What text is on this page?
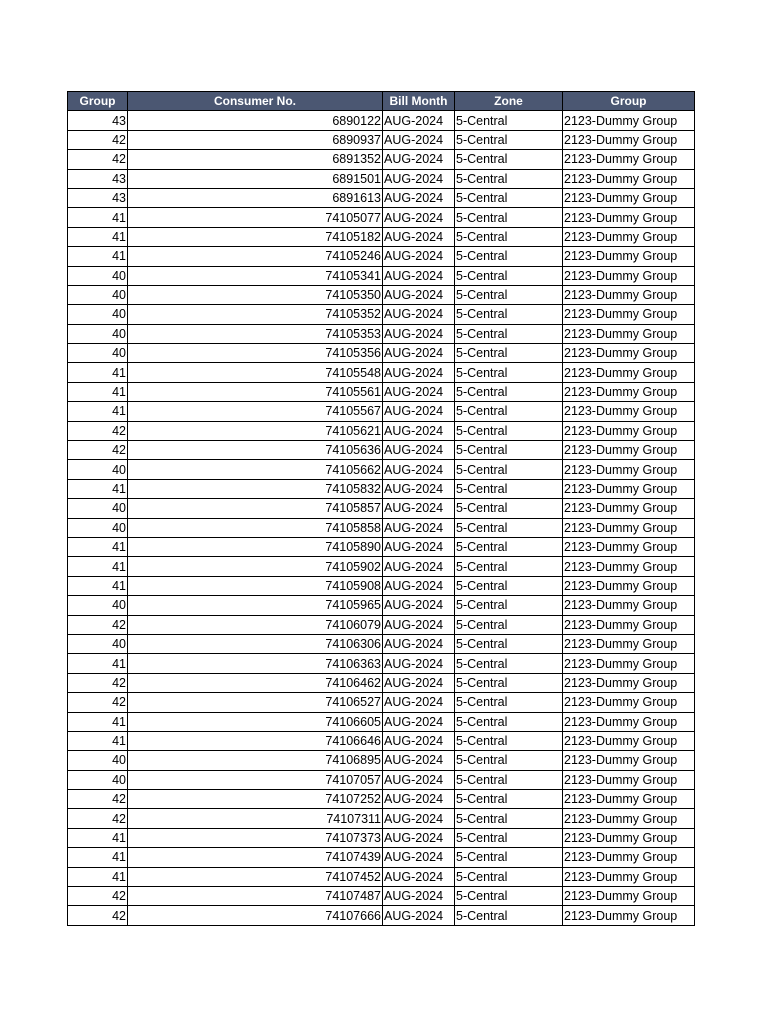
Group	Consumer No.	Bill Month	Zone	Group
43	6890122	AUG-2024	5-Central	2123-Dummy Group
42	6890937	AUG-2024	5-Central	2123-Dummy Group
42	6891352	AUG-2024	5-Central	2123-Dummy Group
43	6891501	AUG-2024	5-Central	2123-Dummy Group
43	6891613	AUG-2024	5-Central	2123-Dummy Group
41	74105077	AUG-2024	5-Central	2123-Dummy Group
41	74105182	AUG-2024	5-Central	2123-Dummy Group
41	74105246	AUG-2024	5-Central	2123-Dummy Group
40	74105341	AUG-2024	5-Central	2123-Dummy Group
40	74105350	AUG-2024	5-Central	2123-Dummy Group
40	74105352	AUG-2024	5-Central	2123-Dummy Group
40	74105353	AUG-2024	5-Central	2123-Dummy Group
40	74105356	AUG-2024	5-Central	2123-Dummy Group
41	74105548	AUG-2024	5-Central	2123-Dummy Group
41	74105561	AUG-2024	5-Central	2123-Dummy Group
41	74105567	AUG-2024	5-Central	2123-Dummy Group
42	74105621	AUG-2024	5-Central	2123-Dummy Group
42	74105636	AUG-2024	5-Central	2123-Dummy Group
40	74105662	AUG-2024	5-Central	2123-Dummy Group
41	74105832	AUG-2024	5-Central	2123-Dummy Group
40	74105857	AUG-2024	5-Central	2123-Dummy Group
40	74105858	AUG-2024	5-Central	2123-Dummy Group
41	74105890	AUG-2024	5-Central	2123-Dummy Group
41	74105902	AUG-2024	5-Central	2123-Dummy Group
41	74105908	AUG-2024	5-Central	2123-Dummy Group
40	74105965	AUG-2024	5-Central	2123-Dummy Group
42	74106079	AUG-2024	5-Central	2123-Dummy Group
40	74106306	AUG-2024	5-Central	2123-Dummy Group
41	74106363	AUG-2024	5-Central	2123-Dummy Group
42	74106462	AUG-2024	5-Central	2123-Dummy Group
42	74106527	AUG-2024	5-Central	2123-Dummy Group
41	74106605	AUG-2024	5-Central	2123-Dummy Group
41	74106646	AUG-2024	5-Central	2123-Dummy Group
40	74106895	AUG-2024	5-Central	2123-Dummy Group
40	74107057	AUG-2024	5-Central	2123-Dummy Group
42	74107252	AUG-2024	5-Central	2123-Dummy Group
42	74107311	AUG-2024	5-Central	2123-Dummy Group
41	74107373	AUG-2024	5-Central	2123-Dummy Group
41	74107439	AUG-2024	5-Central	2123-Dummy Group
41	74107452	AUG-2024	5-Central	2123-Dummy Group
42	74107487	AUG-2024	5-Central	2123-Dummy Group
42	74107666	AUG-2024	5-Central	2123-Dummy Group
